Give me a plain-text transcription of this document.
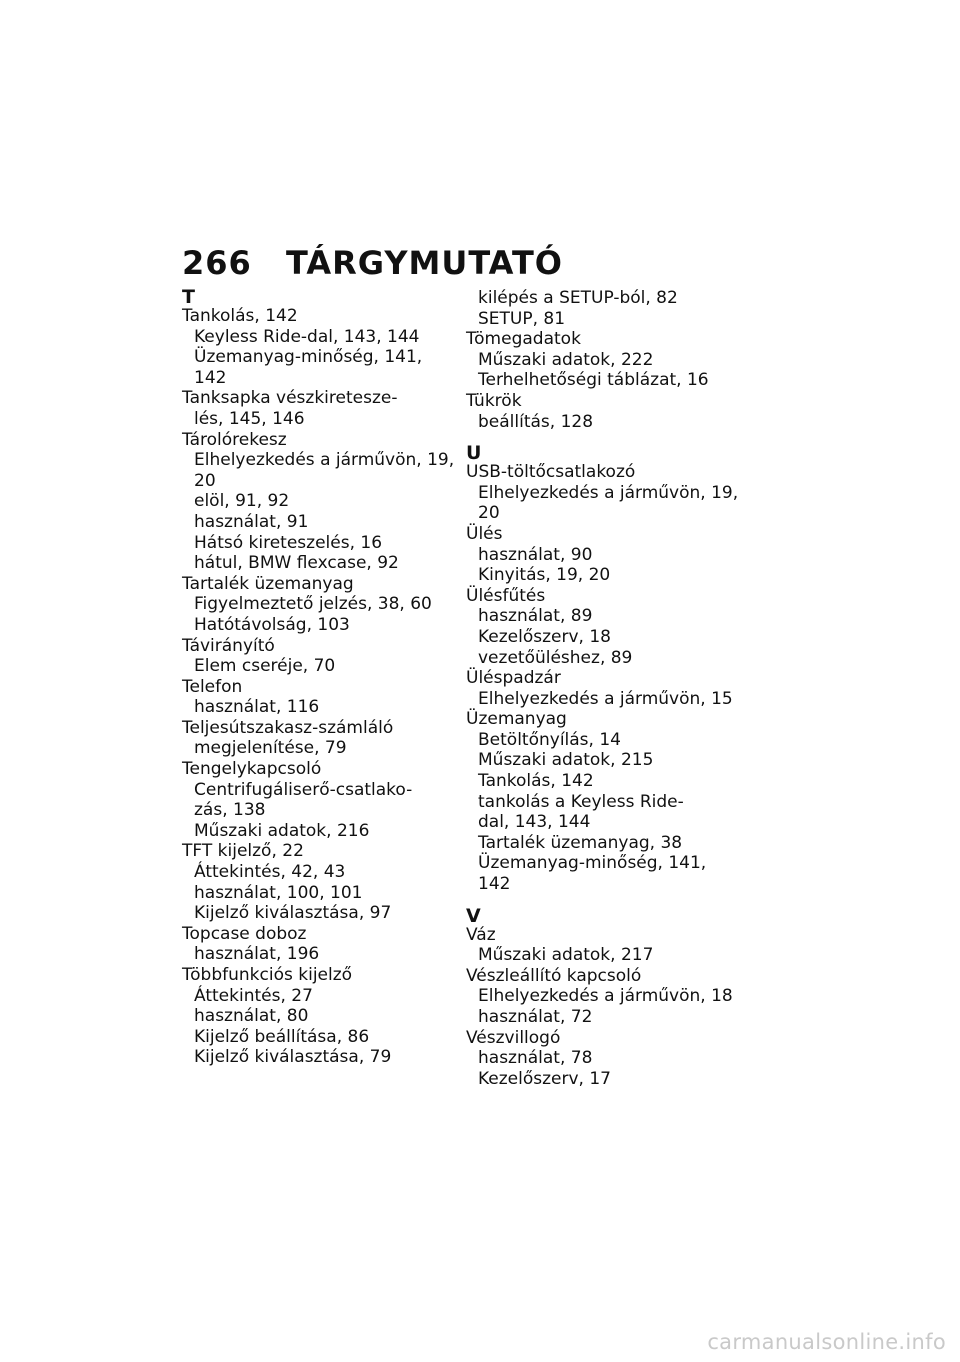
266 TÁRGYMUTATÓ
T
Tankolás, 142
Keyless Ride-dal, 143, 144
Üzemanyag-minőség, 141,
142
Tanksapka vészkiretesze-
lés, 145, 146
Tárolórekesz
Elhelyezkedés a járművön, 19,
20
elöl, 91, 92
használat, 91
Hátsó kireteszelés, 16
hátul, BMW flexcase, 92
Tartalék üzemanyag
Figyelmeztető jelzés, 38, 60
Hatótávolság, 103
Távirányító
Elem cseréje, 70
Telefon
használat, 116
Teljesútszakasz-számláló
megjelenítése, 79
Tengelykapcsoló
Centrifugáliserő-csatlako-
zás, 138
Műszaki adatok, 216
TFT kijelző, 22
Áttekintés, 42, 43
használat, 100, 101
Kijelző kiválasztása, 97
Topcase doboz
használat, 196
Többfunkciós kijelző
Áttekintés, 27
használat, 80
Kijelző beállítása, 86
Kijelző kiválasztása, 79
kilépés a SETUP-ból, 82
SETUP, 81
Tömegadatok
Műszaki adatok, 222
Terhelhetőségi táblázat, 16
Tükrök
beállítás, 128
U
USB-töltőcsatlakozó
Elhelyezkedés a járművön, 19,
20
Ülés
használat, 90
Kinyitás, 19, 20
Ülésfűtés
használat, 89
Kezelőszerv, 18
vezetőüléshez, 89
Üléspadzár
Elhelyezkedés a járművön, 15
Üzemanyag
Betöltőnyílás, 14
Műszaki adatok, 215
Tankolás, 142
tankolás a Keyless Ride-
dal, 143, 144
Tartalék üzemanyag, 38
Üzemanyag-minőség, 141,
142
V
Váz
Műszaki adatok, 217
Vészleállító kapcsoló
Elhelyezkedés a járművön, 18
használat, 72
Vészvillogó
használat, 78
Kezelőszerv, 17
carmanualsonline.info
